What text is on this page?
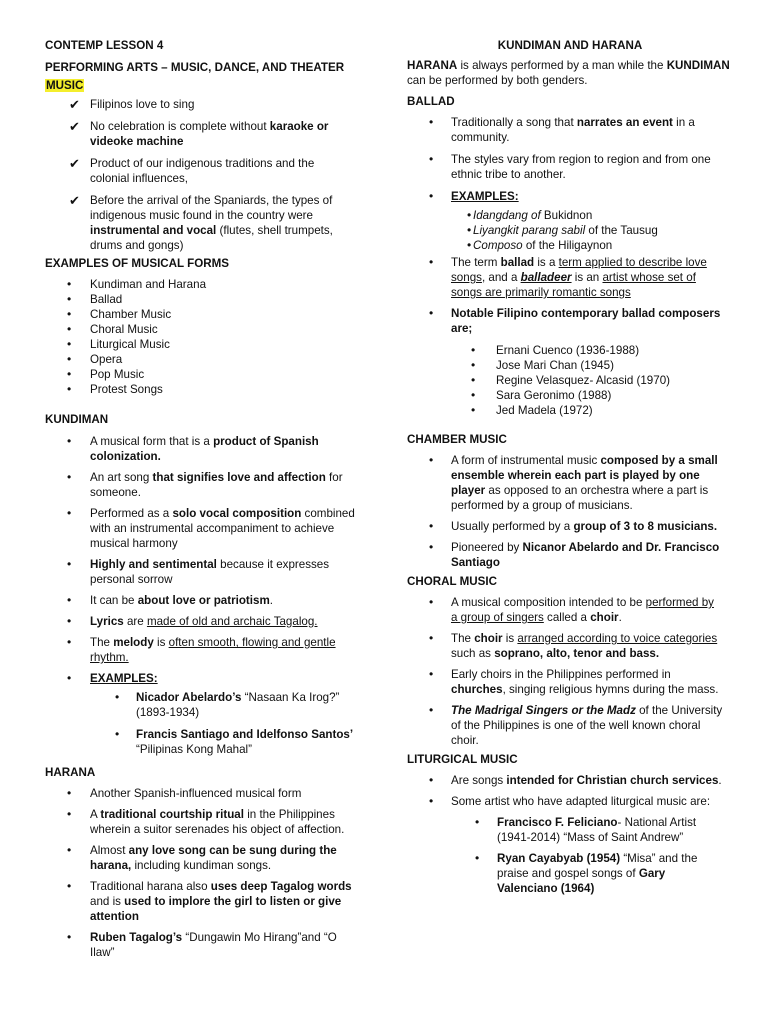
CONTEMP LESSON 4

PERFORMING ARTS – MUSIC, DANCE, AND THEATER

MUSIC

✔ Filipinos love to sing
✔ No celebration is complete without karaoke or videoke machine
✔ Product of our indigenous traditions and the colonial influences,
✔ Before the arrival of the Spaniards, the types of indigenous music found in the country were instrumental and vocal (flutes, shell trumpets, drums and gongs)

EXAMPLES OF MUSICAL FORMS

• Kundiman and Harana
• Ballad
• Chamber Music
• Choral Music
• Liturgical Music
• Opera
• Pop Music
• Protest Songs

KUNDIMAN

• A musical form that is a product of Spanish colonization.
• An art song that signifies love and affection for someone.
• Performed as a solo vocal composition combined with an instrumental accompaniment to achieve musical harmony
• Highly and sentimental because it expresses personal sorrow
• It can be about love or patriotism.
• Lyrics are made of old and archaic Tagalog.
• The melody is often smooth, flowing and gentle rhythm.
• EXAMPLES:
• Nicador Abelardo’s “Nasaan Ka Irog?” (1893-1934)
• Francis Santiago and Idelfonso Santos’ “Pilipinas Kong Mahal”

HARANA

• Another Spanish-influenced musical form
• A traditional courtship ritual in the Philippines wherein a suitor serenades his object of affection.
• Almost any love song can be sung during the harana, including kundiman songs.
• Traditional harana also uses deep Tagalog words and is used to implore the girl to listen or give attention
• Ruben Tagalog’s “Dungawin Mo Hirang”and “O Ilaw”

KUNDIMAN AND HARANA

HARANA is always performed by a man while the KUNDIMAN can be performed by both genders.

BALLAD

• Traditionally a song that narrates an event in a community.
• The styles vary from region to region and from one ethnic tribe to another.
• EXAMPLES:
• Idangdang of Bukidnon
• Liyangkit parang sabil of the Tausug
• Composo of the Hiligaynon
• The term ballad is a term applied to describe love songs, and a balladeer is an artist whose set of songs are primarily romantic songs
• Notable Filipino contemporary ballad composers are;
• Ernani Cuenco (1936-1988)
• Jose Mari Chan (1945)
• Regine Velasquez- Alcasid (1970)
• Sara Geronimo (1988)
• Jed Madela (1972)

CHAMBER MUSIC

• A form of instrumental music composed by a small ensemble wherein each part is played by one player as opposed to an orchestra where a part is performed by a group of musicians.
• Usually performed by a group of 3 to 8 musicians.
• Pioneered by Nicanor Abelardo and Dr. Francisco Santiago

CHORAL MUSIC

• A musical composition intended to be performed by a group of singers called a choir.
• The choir is arranged according to voice categories such as soprano, alto, tenor and bass.
• Early choirs in the Philippines performed in churches, singing religious hymns during the mass.
• The Madrigal Singers or the Madz of the University of the Philippines is one of the well known choral choir.

LITURGICAL MUSIC

• Are songs intended for Christian church services.
• Some artist who have adapted liturgical music are:
• Francisco F. Feliciano- National Artist (1941-2014) “Mass of Saint Andrew”
• Ryan Cayabyab (1954) “Misa” and the praise and gospel songs of Gary Valenciano (1964)
